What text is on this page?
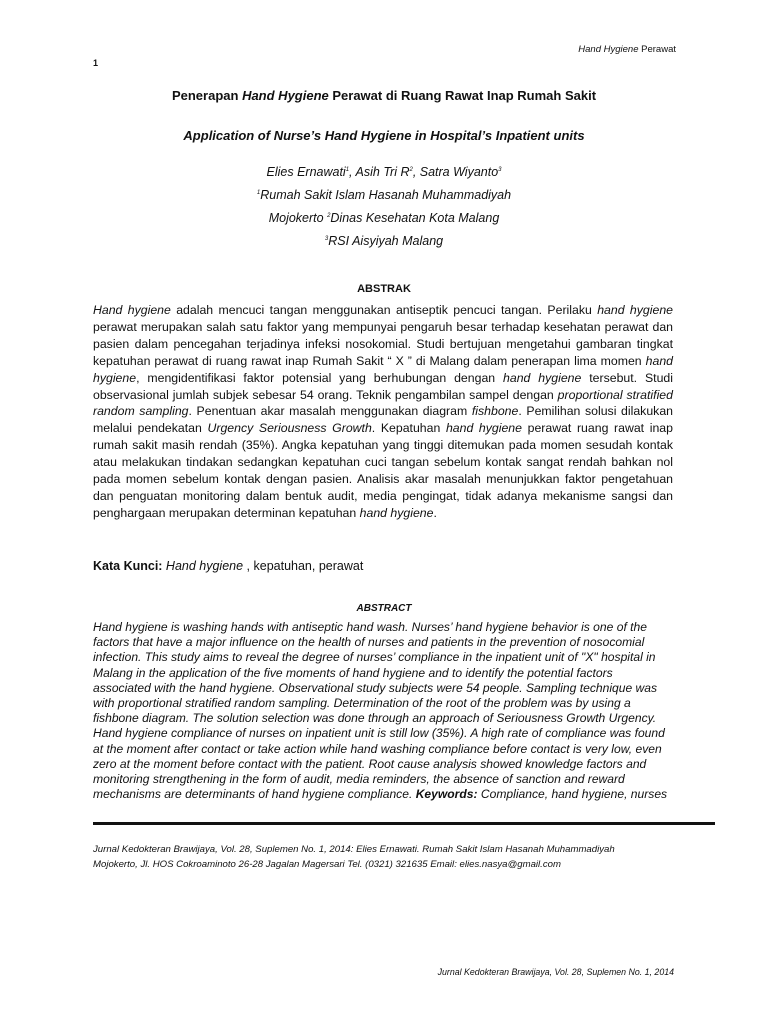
Hand Hygiene Perawat
1
Penerapan Hand Hygiene Perawat di Ruang Rawat Inap Rumah Sakit
Application of Nurse’s Hand Hygiene in Hospital’s Inpatient units
Elies Ernawati$^1$, Asih Tri $R^2$, Satra Wiyanto$^3$
$^1$Rumah Sakit Islam Hasanah Muhammadiyah
Mojokerto $^2$Dinas Kesehatan Kota Malang
$^3$RSI Aisyiyah Malang
ABSTRAK
Hand hygiene adalah mencuci tangan menggunakan antiseptik pencuci tangan. Perilaku hand hygiene perawat merupakan salah satu faktor yang mempunyai pengaruh besar terhadap kesehatan perawat dan pasien dalam pencegahan terjadinya infeksi nosokomial. Studi bertujuan mengetahui gambaran tingkat kepatuhan perawat di ruang rawat inap Rumah Sakit “ X ” di Malang dalam penerapan lima momen hand hygiene, mengidentifikasi faktor potensial yang berhubungan dengan hand hygiene tersebut. Studi observasional jumlah subjek sebesar 54 orang. Teknik pengambilan sampel dengan proportional stratified random sampling. Penentuan akar masalah menggunakan diagram fishbone. Pemilihan solusi dilakukan melalui pendekatan Urgency Seriousness Growth. Kepatuhan hand hygiene perawat ruang rawat inap rumah sakit masih rendah (35%). Angka kepatuhan yang tinggi ditemukan pada momen sesudah kontak atau melakukan tindakan sedangkan kepatuhan cuci tangan sebelum kontak sangat rendah bahkan nol pada momen sebelum kontak dengan pasien. Analisis akar masalah menunjukkan faktor pengetahuan dan penguatan monitoring dalam bentuk audit, media pengingat, tidak adanya mekanisme sangsi dan penghargaan merupakan determinan kepatuhan hand hygiene.
Kata Kunci: Hand hygiene , kepatuhan, perawat
ABSTRACT
Hand hygiene is washing hands with antiseptic hand wash. Nurses’ hand hygiene behavior is one of the factors that have a major influence on the health of nurses and patients in the prevention of nosocomial infection. This study aims to reveal the degree of nurses’ compliance in the inpatient unit of "X" hospital in Malang in the application of the five moments of hand hygiene and to identify the potential factors associated with the hand hygiene. Observational study subjects were 54 people. Sampling technique was with proportional stratified random sampling. Determination of the root of the problem was by using a fishbone diagram. The solution selection was done through an approach of Seriousness Growth Urgency. Hand hygiene compliance of nurses on inpatient unit is still low (35%). A high rate of compliance was found at the moment after contact or take action while hand washing compliance before contact is very low, even zero at the moment before contact with the patient. Root cause analysis showed knowledge factors and monitoring strengthening in the form of audit, media reminders, the absence of sanction and reward mechanisms are determinants of hand hygiene compliance. Keywords: Compliance, hand hygiene, nurses
Jurnal Kedokteran Brawijaya, Vol. 28, Suplemen No. 1, 2014: Elies Ernawati. Rumah Sakit Islam Hasanah Muhammadiyah
Mojokerto, Jl. HOS Cokroaminoto 26-28 Jagalan Magersari Tel. (0321) 321635 Email: elies.nasya@gmail.com
Jurnal Kedokteran Brawijaya, Vol. 28, Suplemen No. 1, 2014
